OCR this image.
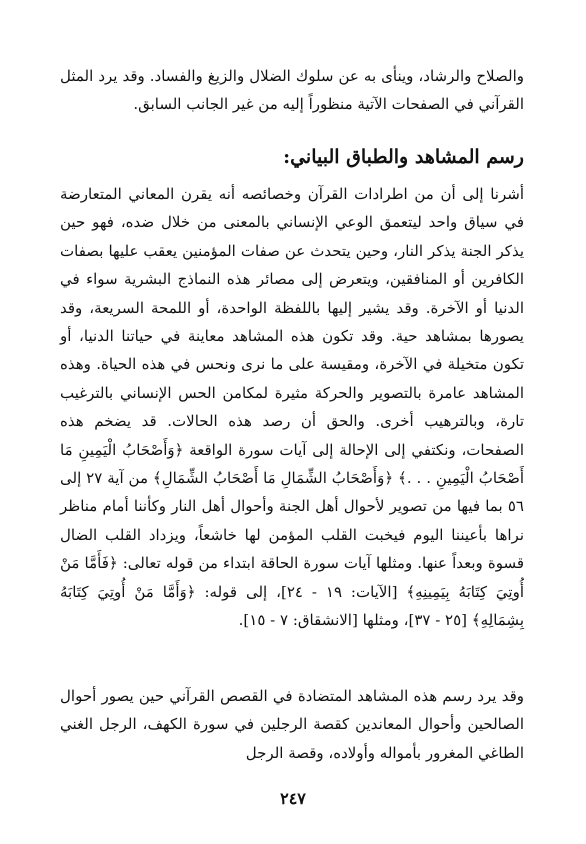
والصلاح والرشاد، وينأى به عن سلوك الضلال والزيغ والفساد. وقد يرد المثل القرآني في الصفحات الآتية منظوراً إليه من غير الجانب السابق.

رسم المشاهد والطباق البياني:

أشرنا إلى أن من اطرادات القرآن وخصائصه أنه يقرن المعاني المتعارضة في سياق واحد ليتعمق الوعي الإنساني بالمعنى من خلال ضده، فهو حين يذكر الجنة يذكر النار، وحين يتحدث عن صفات المؤمنين يعقب عليها بصفات الكافرين أو المنافقين، ويتعرض إلى مصائر هذه النماذج البشرية سواء في الدنيا أو الآخرة. وقد يشير إليها باللفظة الواحدة، أو اللمحة السريعة، وقد يصورها بمشاهد حية. وقد تكون هذه المشاهد معاينة في حياتنا الدنيا، أو تكون متخيلة في الآخرة، ومقيسة على ما نرى ونحس في هذه الحياة. وهذه المشاهد عامرة بالتصوير والحركة مثيرة لمكامن الحس الإنساني بالترغيب تارة، وبالترهيب أخرى. والحق أن رصد هذه الحالات. قد يضخم هذه الصفحات، ونكتفي إلى الإحالة إلى آيات سورة الواقعة ﴿وَأَصْحَابُ الْيَمِينِ مَا أَصْحَابُ الْيَمِينِ . . .﴾ ﴿وَأَصْحَابُ الشِّمَالِ مَا أَصْحَابُ الشِّمَالِ﴾ من آية ٢٧ إلى ٥٦ بما فيها من تصوير لأحوال أهل الجنة وأحوال أهل النار وكأننا أمام مناظر نراها بأعيننا اليوم فيخبت القلب المؤمن لها خاشعاً، ويزداد القلب الضال قسوة وبعداً عنها. ومثلها آيات سورة الحاقة ابتداء من قوله تعالى: ﴿فَأَمَّا مَنْ أُوتِيَ كِتَابَهُ بِيَمِينِهِ﴾ [الآيات: ١٩ - ٢٤]، إلى قوله: ﴿وَأَمَّا مَنْ أُوتِيَ كِتَابَهُ بِشِمَالِهِ﴾ [٢٥ - ٣٧]، ومثلها [الانشقاق: ٧ - ١٥].

وقد يرد رسم هذه المشاهد المتضادة في القصص القرآني حين يصور أحوال الصالحين وأحوال المعاندين كقصة الرجلين في سورة الكهف، الرجل الغني الطاغي المغرور بأمواله وأولاده، وقصة الرجل

٢٤٧
